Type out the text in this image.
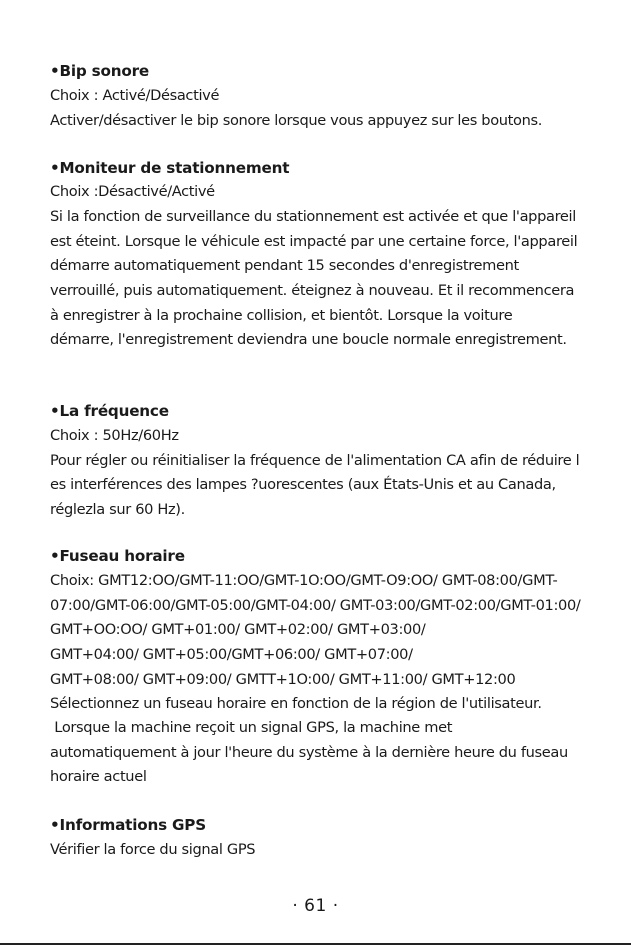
•Bip sonore
Choix : Activé/Désactivé
Activer/désactiver le bip sonore lorsque vous appuyez sur les boutons.
•Moniteur de stationnement
Choix :Désactivé/Activé
Si la fonction de surveillance du stationnement est activée et que l'appareil
est éteint. Lorsque le véhicule est impacté par une certaine force, l'appareil
démarre automatiquement pendant 15 secondes d'enregistrement
verrouillé, puis automatiquement. éteignez à nouveau. Et il recommencera
à enregistrer à la prochaine collision, et bientôt. Lorsque la voiture
démarre, l'enregistrement deviendra une boucle normale enregistrement.
•La fréquence
Choix : 50Hz/60Hz
Pour régler ou réinitialiser la fréquence de l'alimentation CA afin de réduire l
es interférences des lampes ?uorescentes (aux États-Unis et au Canada,
réglezla sur 60 Hz).
•Fuseau horaire
Choix: GMT12:OO/GMT-11:OO/GMT-1O:OO/GMT-O9:OO/ GMT-08:00/GMT-
07:00/GMT-06:00/GMT-05:00/GMT-04:00/ GMT-03:00/GMT-02:00/GMT-01:00/
GMT+OO:OO/ GMT+01:00/ GMT+02:00/ GMT+03:00/
GMT+04:00/ GMT+05:00/GMT+06:00/ GMT+07:00/
GMT+08:00/ GMT+09:00/ GMTT+1O:00/ GMT+11:00/ GMT+12:00
Sélectionnez un fuseau horaire en fonction de la région de l'utilisateur.
Lorsque la machine reçoit un signal GPS, la machine met
automatiquement à jour l'heure du système à la dernière heure du fuseau
horaire actuel
•Informations GPS
Vérifier la force du signal GPS
· 61 ·
